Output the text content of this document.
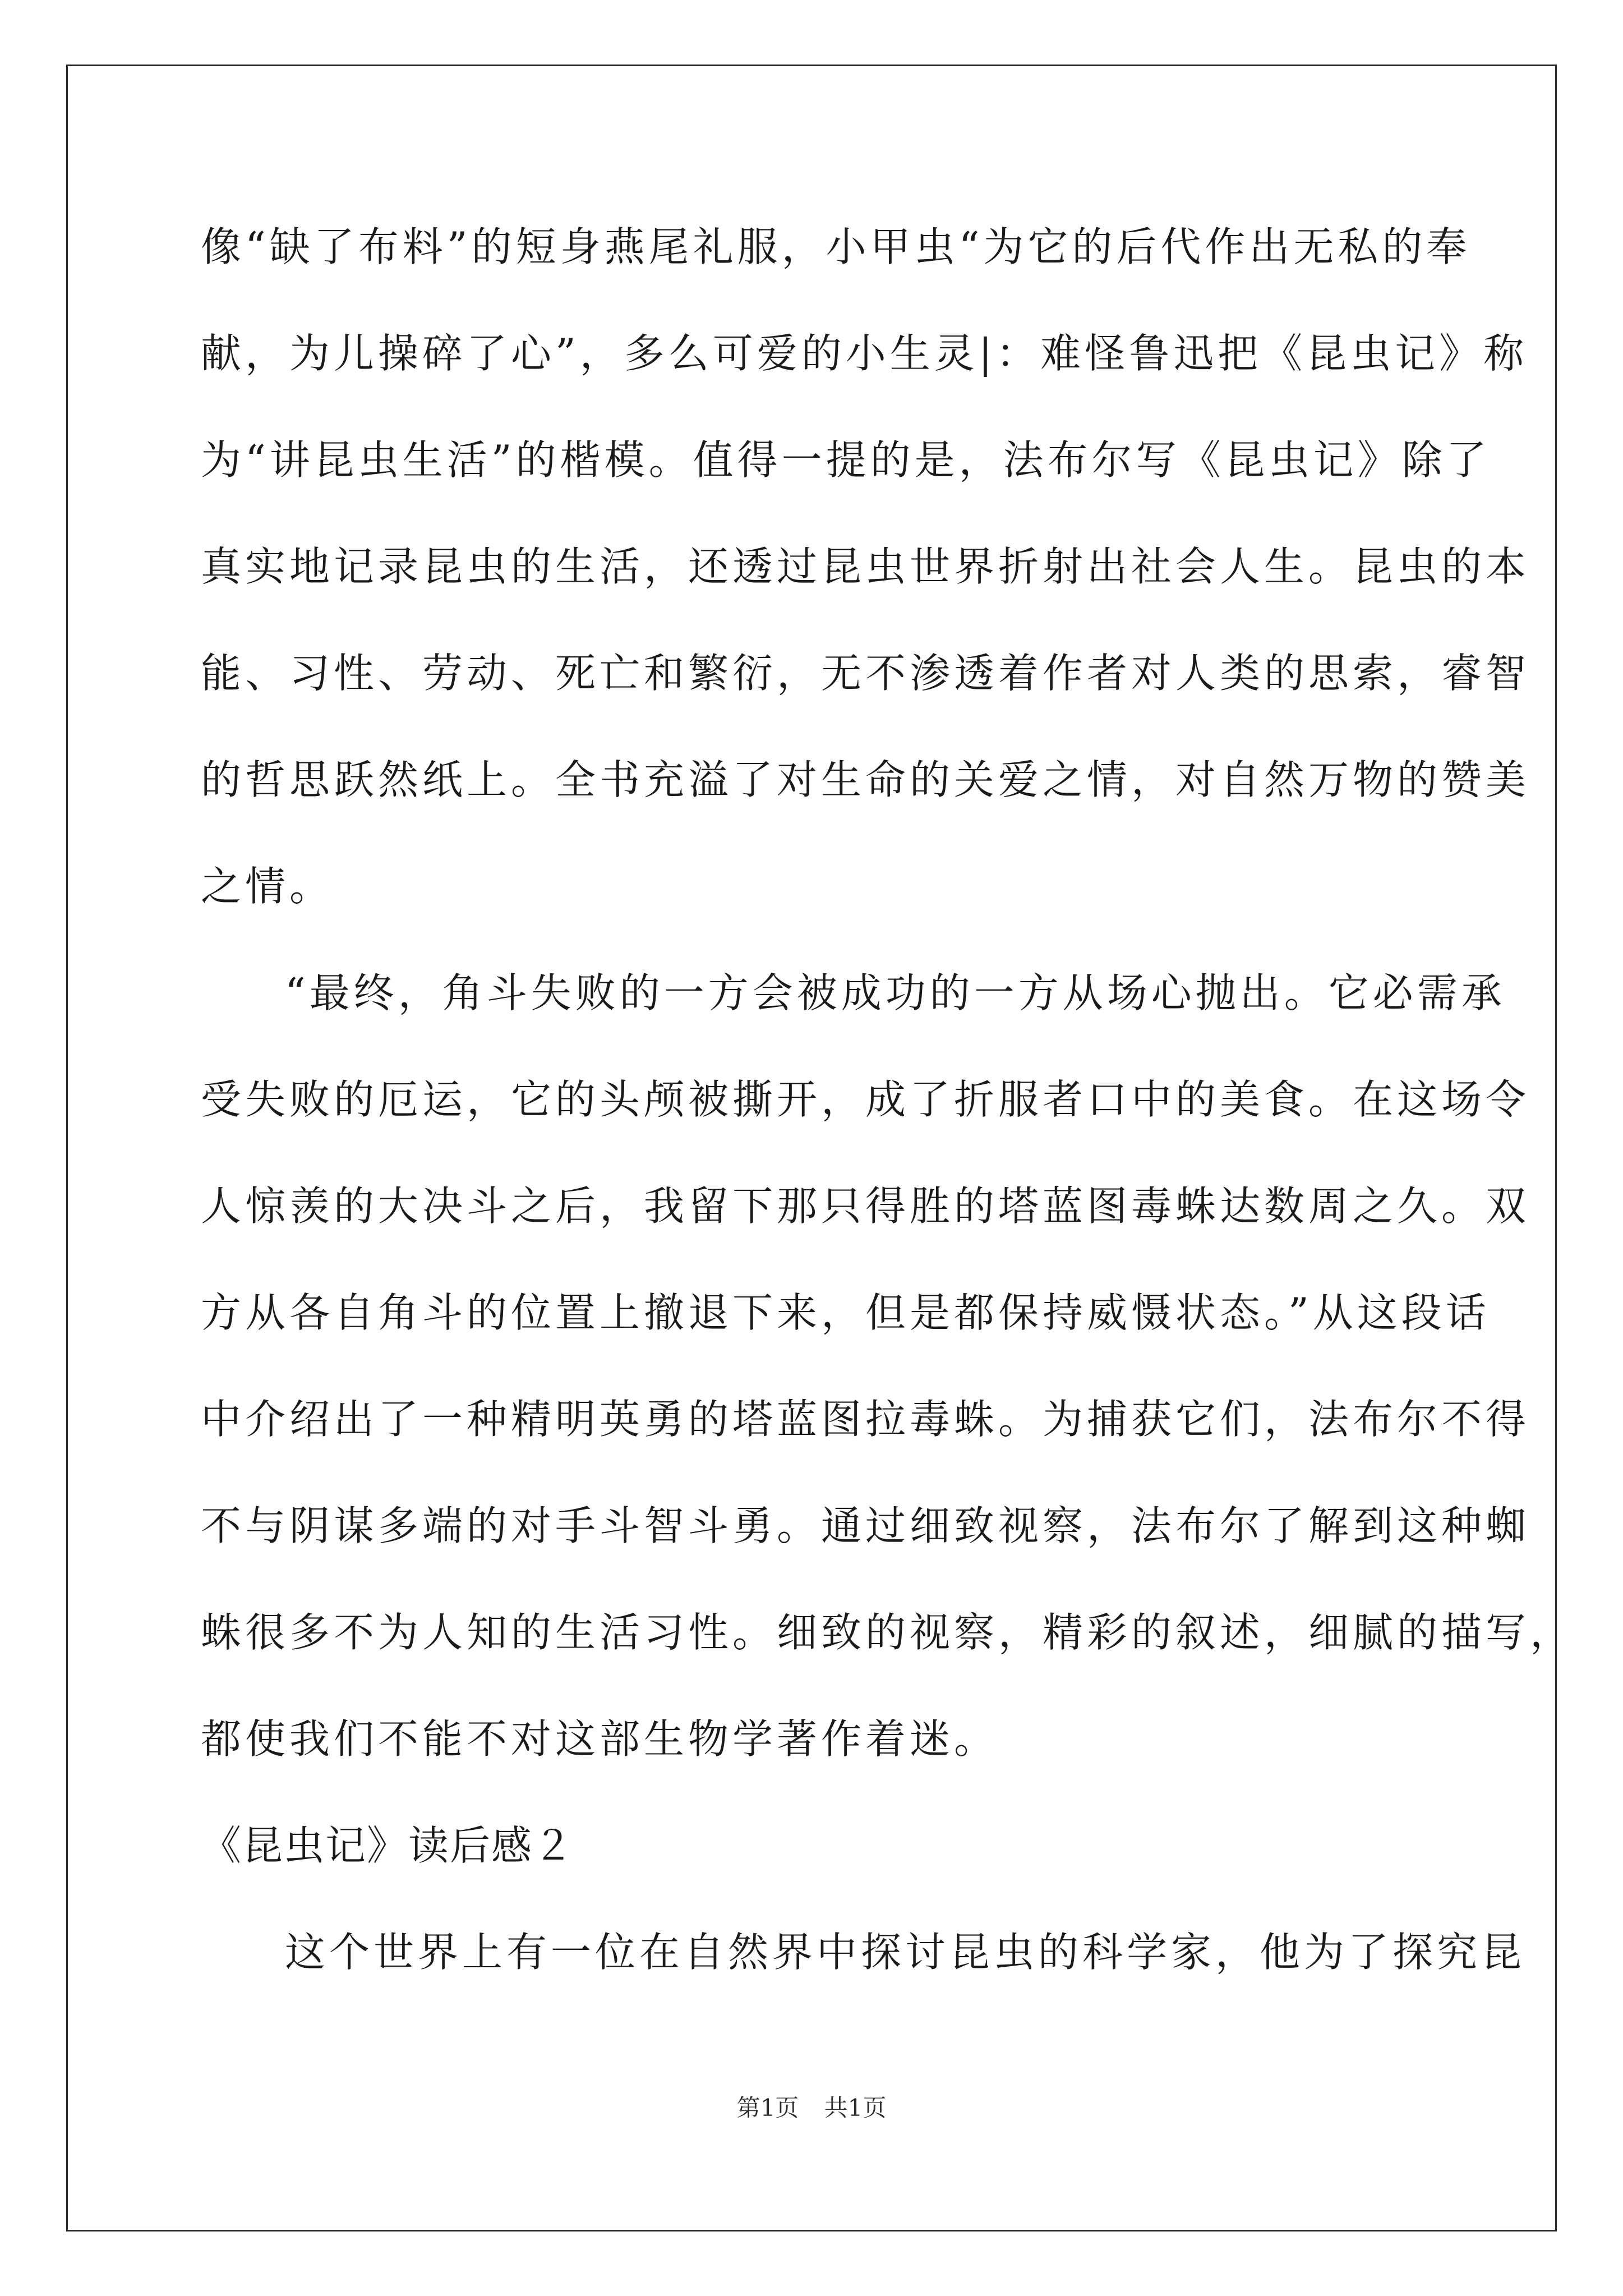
像“缺了布料”的短身燕尾礼服，小甲虫“为它的后代作出无私的奉
献，为儿操碎了心”，多么可爱的小生灵|：难怪鲁迅把《昆虫记》称
为“讲昆虫生活”的楷模。值得一提的是，法布尔写《昆虫记》除了
真实地记录昆虫的生活，还透过昆虫世界折射出社会人生。昆虫的本
能、习性、劳动、死亡和繁衍，无不渗透着作者对人类的思索，睿智
的哲思跃然纸上。全书充溢了对生命的关爱之情，对自然万物的赞美
之情。
“最终，角斗失败的一方会被成功的一方从场心抛出。它必需承
受失败的厄运，它的头颅被撕开，成了折服者口中的美食。在这场令
人惊羡的大决斗之后，我留下那只得胜的塔蓝图毒蛛达数周之久。双
方从各自角斗的位置上撤退下来，但是都保持威慑状态。”从这段话
中介绍出了一种精明英勇的塔蓝图拉毒蛛。为捕获它们，法布尔不得
不与阴谋多端的对手斗智斗勇。通过细致视察，法布尔了解到这种蜘
蛛很多不为人知的生活习性。细致的视察，精彩的叙述，细腻的描写，
都使我们不能不对这部生物学著作着迷。
《昆虫记》读后感２
这个世界上有一位在自然界中探讨昆虫的科学家，他为了探究昆
第1页 共1页
